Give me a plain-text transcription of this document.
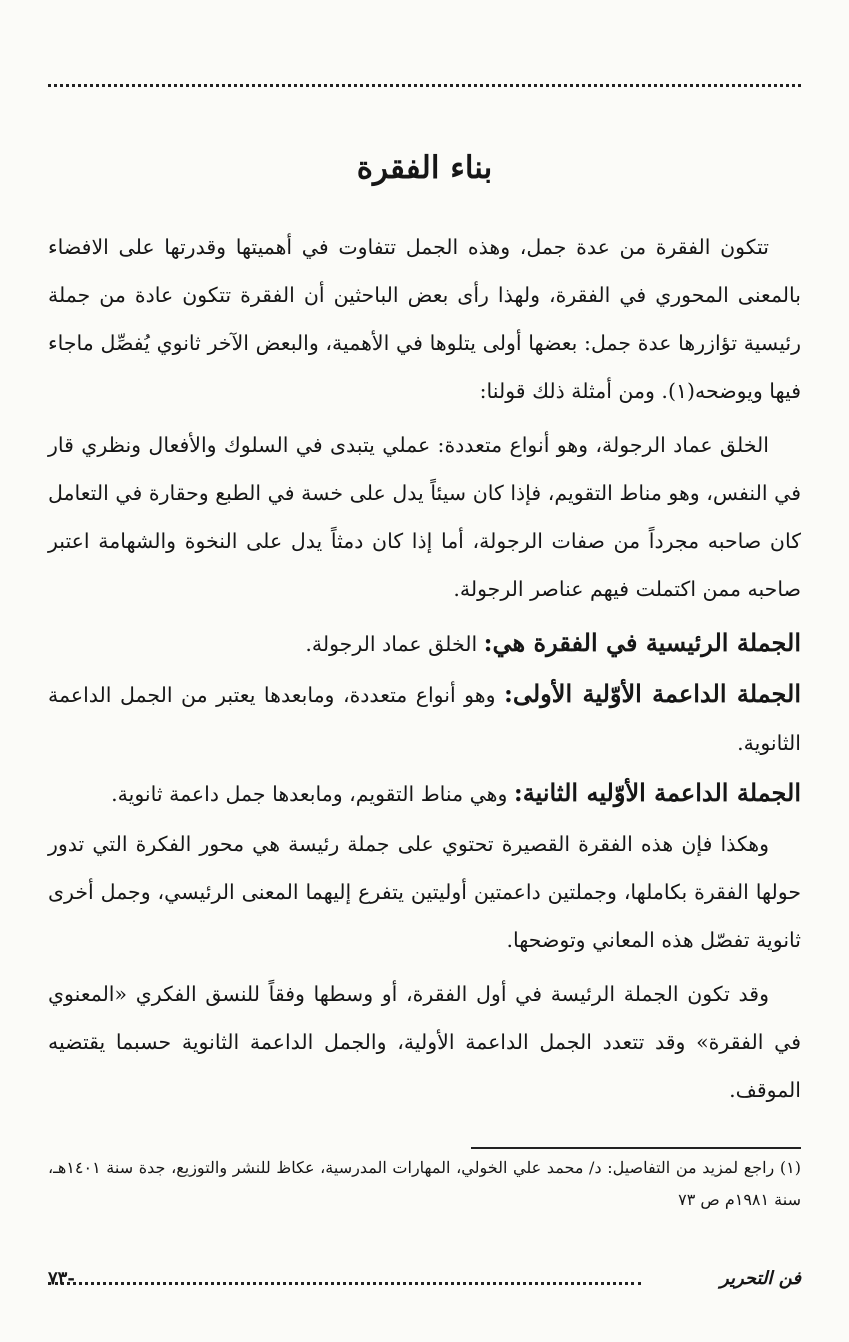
بناء الفقرة

تتكون الفقرة من عدة جمل، وهذه الجمل تتفاوت في أهميتها وقدرتها على الافضاء بالمعنى المحوري في الفقرة، ولهذا رأى بعض الباحثين أن الفقرة تتكون عادة من جملة رئيسية تؤازرها عدة جمل: بعضها أولى يتلوها في الأهمية، والبعض الآخر ثانوي يُفصِّل ماجاء فيها ويوضحه(١). ومن أمثلة ذلك قولنا:

الخلق عماد الرجولة، وهو أنواع متعددة: عملي يتبدى في السلوك والأفعال ونظري قار في النفس، وهو مناط التقويم، فإذا كان سيئاً يدل على خسة في الطبع وحقارة في التعامل كان صاحبه مجرداً من صفات الرجولة، أما إذا كان دمثاً يدل على النخوة والشهامة اعتبر صاحبه ممن اكتملت فيهم عناصر الرجولة.

الجملة الرئيسية في الفقرة هي: الخلق عماد الرجولة.
الجملة الداعمة الأوّلية الأولى: وهو أنواع متعددة، ومابعدها يعتبر من الجمل الداعمة الثانوية.
الجملة الداعمة الأوّليه الثانية: وهي مناط التقويم، ومابعدها جمل داعمة ثانوية.

وهكذا فإن هذه الفقرة القصيرة تحتوي على جملة رئيسة هي محور الفكرة التي تدور حولها الفقرة بكاملها، وجملتين داعمتين أوليتين يتفرع إليهما المعنى الرئيسي، وجمل أخرى ثانوية تفصّل هذه المعاني وتوضحها.

وقد تكون الجملة الرئيسة في أول الفقرة، أو وسطها وفقاً للنسق الفكري «المعنوي في الفقرة» وقد تتعدد الجمل الداعمة الأولية، والجمل الداعمة الثانوية حسبما يقتضيه الموقف.

(١) راجع لمزيد من التفاصيل: د/ محمد علي الخولي، المهارات المدرسية، عكاظ للنشر والتوزيع، جدة سنة ١٤٠١هـ، سنة ١٩٨١م ص ٧٣
فن التحرير
-٧٣
